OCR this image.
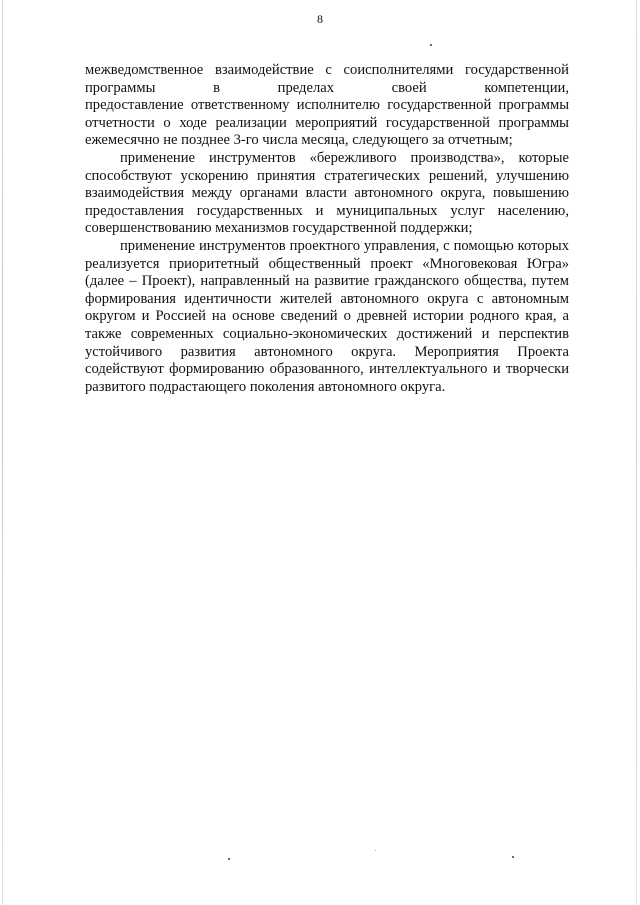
8

межведомственное взаимодействие с соисполнителями государственной программы в пределах своей компетенции,

предоставление ответственному исполнителю государственной программы отчетности о ходе реализации мероприятий государственной программы ежемесячно не позднее 3-го числа месяца, следующего за отчетным;

применение инструментов «бережливого производства», которые способствуют ускорению принятия стратегических решений, улучшению взаимодействия между органами власти автономного округа, повышению предоставления государственных и муниципальных услуг населению, совершенствованию механизмов государственной поддержки;

применение инструментов проектного управления, с помощью которых реализуется приоритетный общественный проект «Многовековая Югра» (далее – Проект), направленный на развитие гражданского общества, путем формирования идентичности жителей автономного округа с автономным округом и Россией на основе сведений о древней истории родного края, а также современных социально-экономических достижений и перспектив устойчивого развития автономного округа. Мероприятия Проекта содействуют формированию образованного, интеллектуального и творчески развитого подрастающего поколения автономного округа.
